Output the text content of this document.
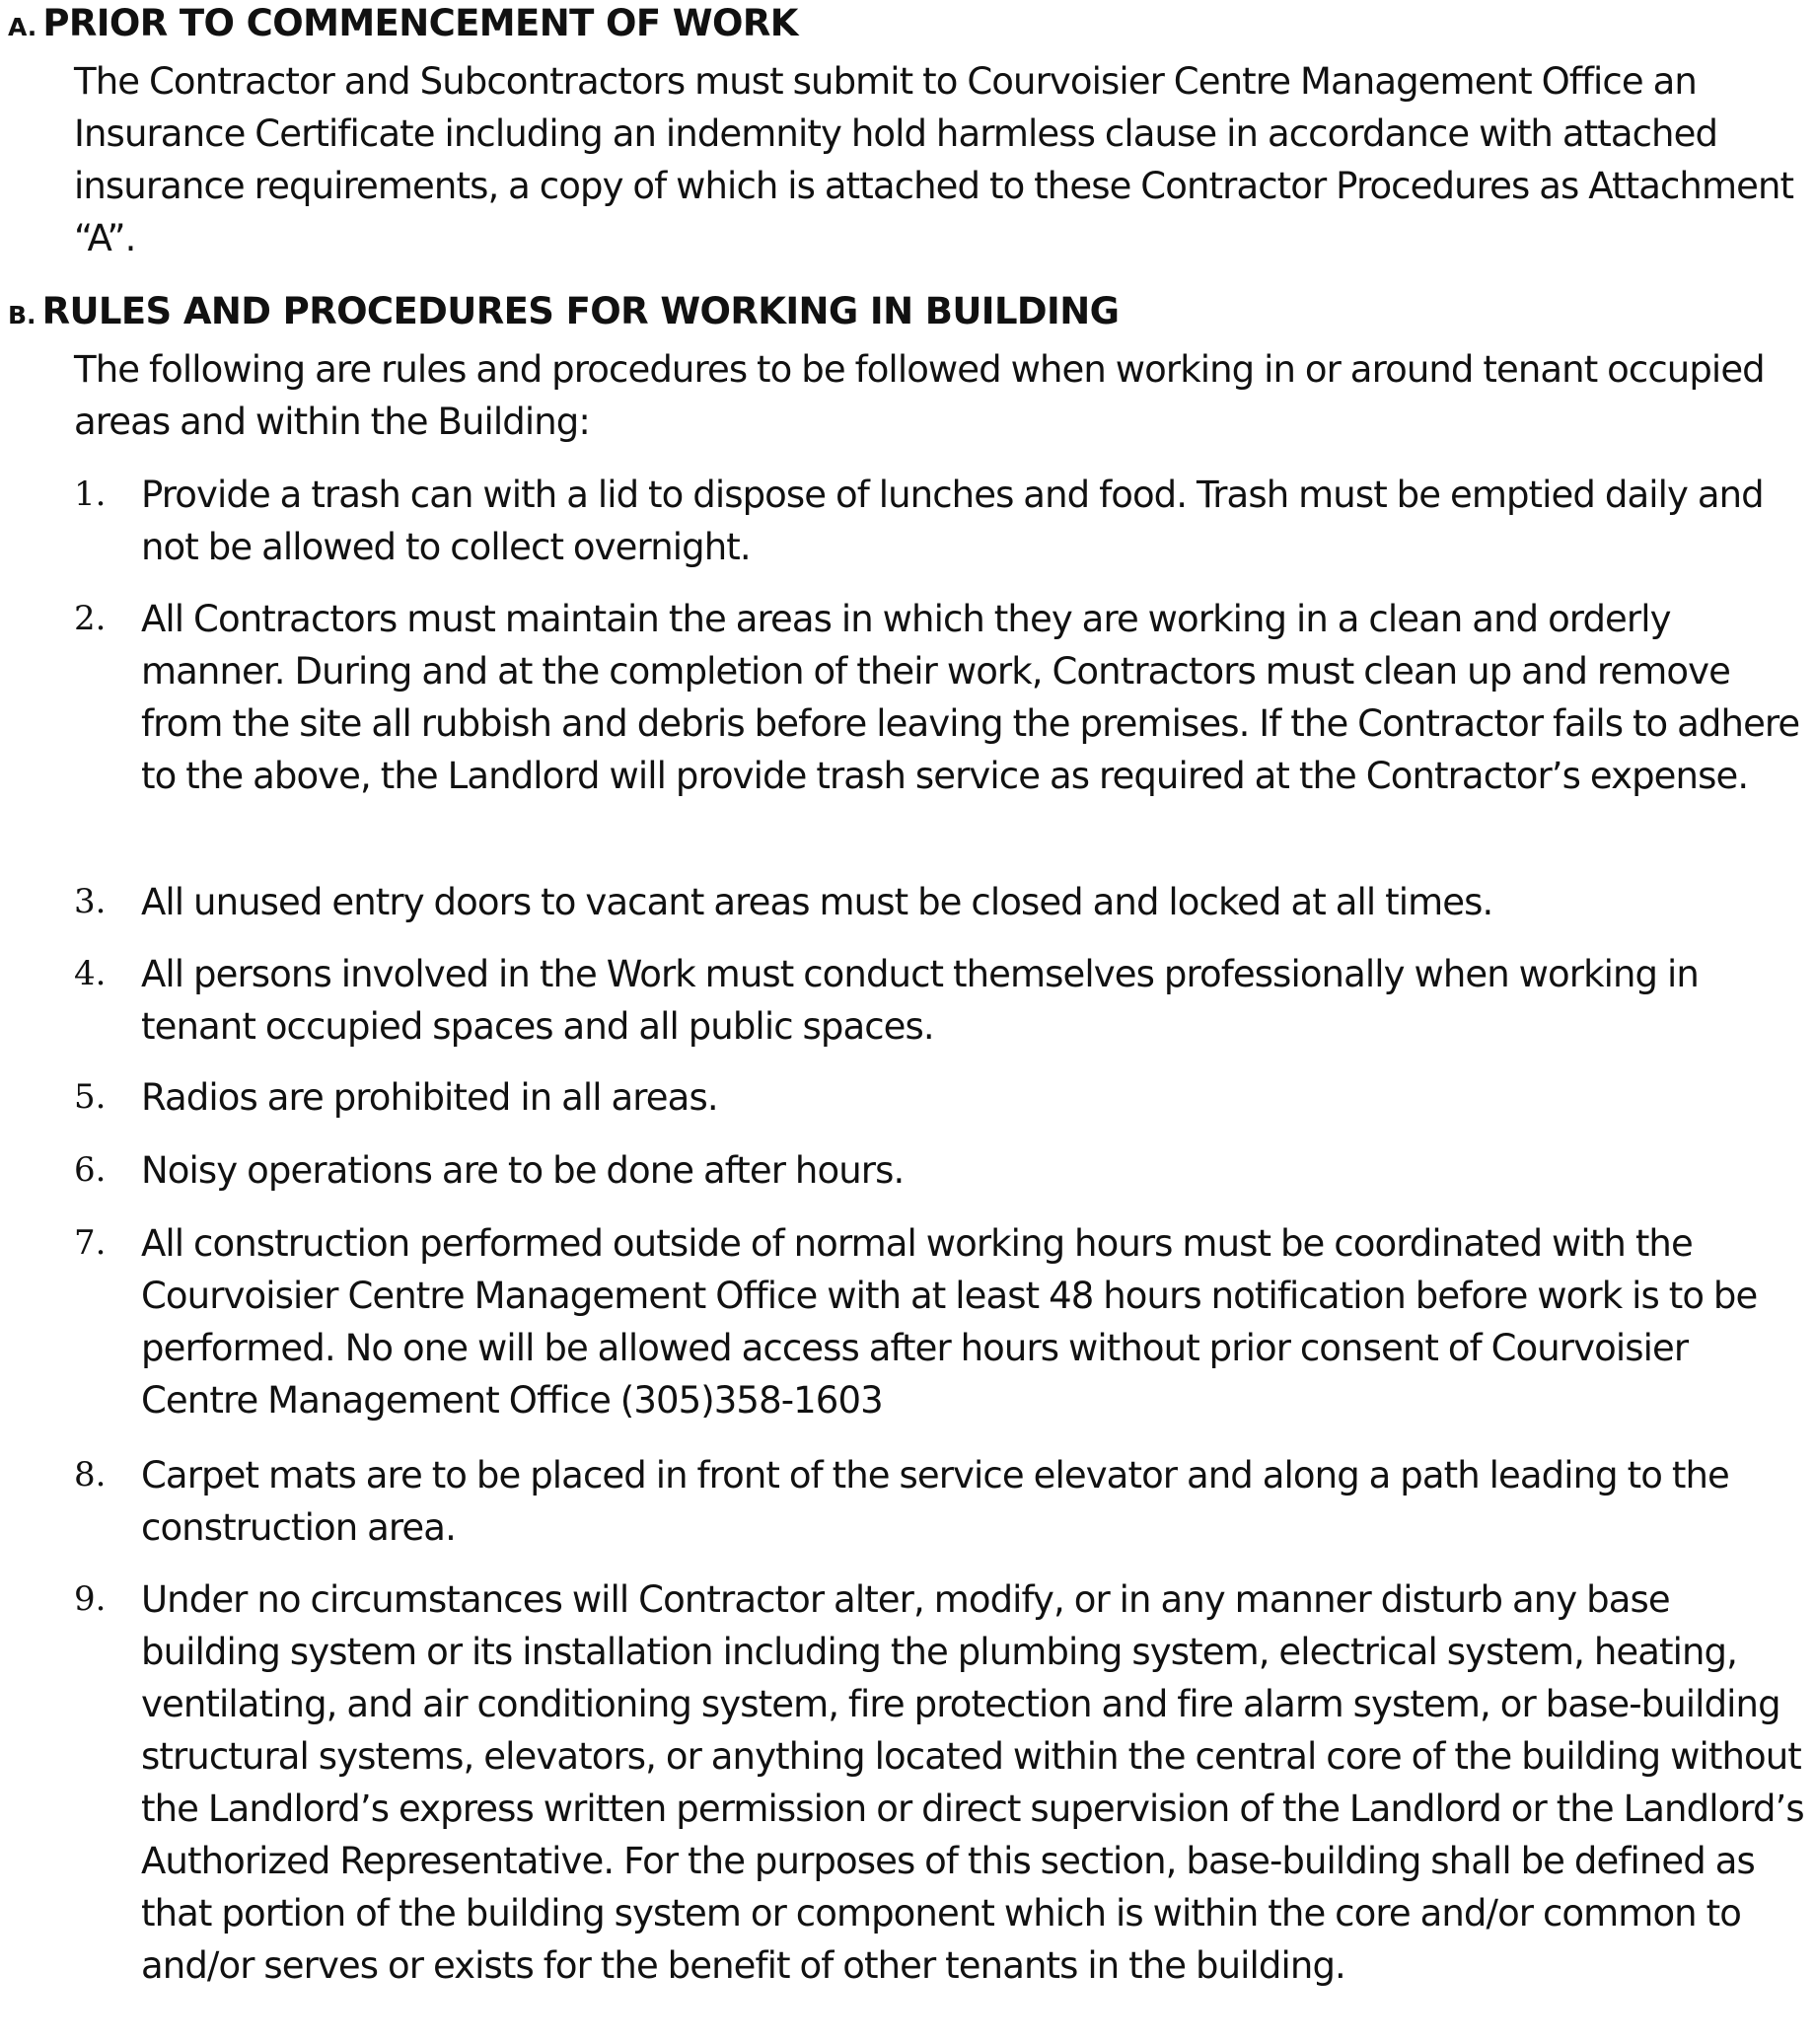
A. PRIOR TO COMMENCEMENT OF WORK
The Contractor and Subcontractors must submit to Courvoisier Centre Management Office an Insurance Certificate including an indemnity hold harmless clause in accordance with attached insurance requirements, a copy of which is attached to these Contractor Procedures as Attachment “A”.
B. RULES AND PROCEDURES FOR WORKING IN BUILDING
The following are rules and procedures to be followed when working in or around tenant occupied areas and within the Building:
1. Provide a trash can with a lid to dispose of lunches and food. Trash must be emptied daily and not be allowed to collect overnight.
2. All Contractors must maintain the areas in which they are working in a clean and orderly manner. During and at the completion of their work, Contractors must clean up and remove from the site all rubbish and debris before leaving the premises. If the Contractor fails to adhere to the above, the Landlord will provide trash service as required at the Contractor’s expense.
3. All unused entry doors to vacant areas must be closed and locked at all times.
4. All persons involved in the Work must conduct themselves professionally when working in tenant occupied spaces and all public spaces.
5. Radios are prohibited in all areas.
6. Noisy operations are to be done after hours.
7. All construction performed outside of normal working hours must be coordinated with the Courvoisier Centre Management Office with at least 48 hours notification before work is to be performed. No one will be allowed access after hours without prior consent of Courvoisier Centre Management Office (305)358-1603
8. Carpet mats are to be placed in front of the service elevator and along a path leading to the construction area.
9. Under no circumstances will Contractor alter, modify, or in any manner disturb any base building system or its installation including the plumbing system, electrical system, heating, ventilating, and air conditioning system, fire protection and fire alarm system, or base-building structural systems, elevators, or anything located within the central core of the building without the Landlord’s express written permission or direct supervision of the Landlord or the Landlord’s Authorized Representative. For the purposes of this section, base-building shall be defined as that portion of the building system or component which is within the core and/or common to and/or serves or exists for the benefit of other tenants in the building.
